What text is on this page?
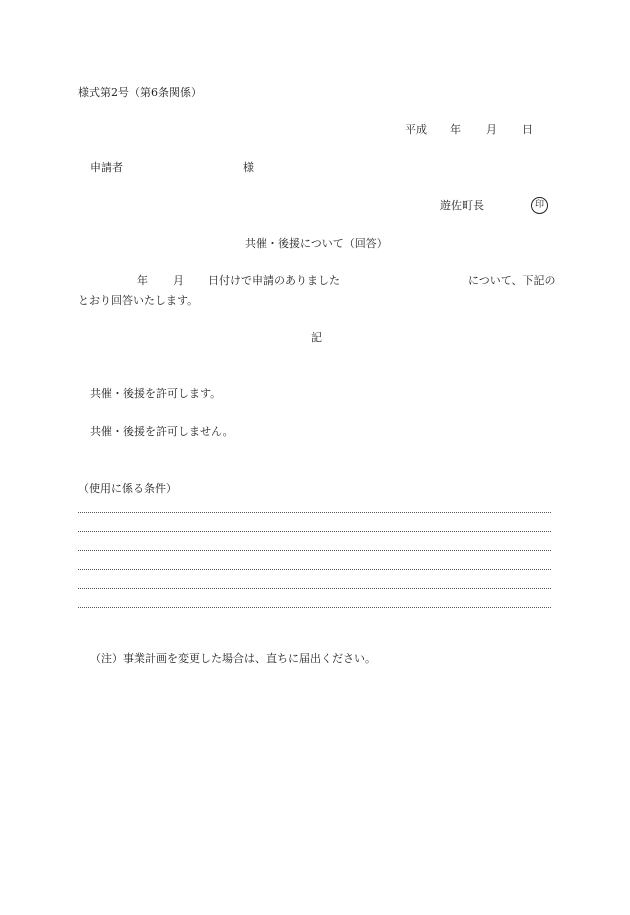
様式第2号（第6条関係）
平成 年 月 日
申請者	様
遊佐町長	印
共催・後援について（回答）
年 月 日付けで申請のありました	について、下記の
とおり回答いたします。
記
共催・後援を許可します。
共催・後援を許可しません。
（使用に係る条件）
（注）事業計画を変更した場合は、直ちに届出ください。
